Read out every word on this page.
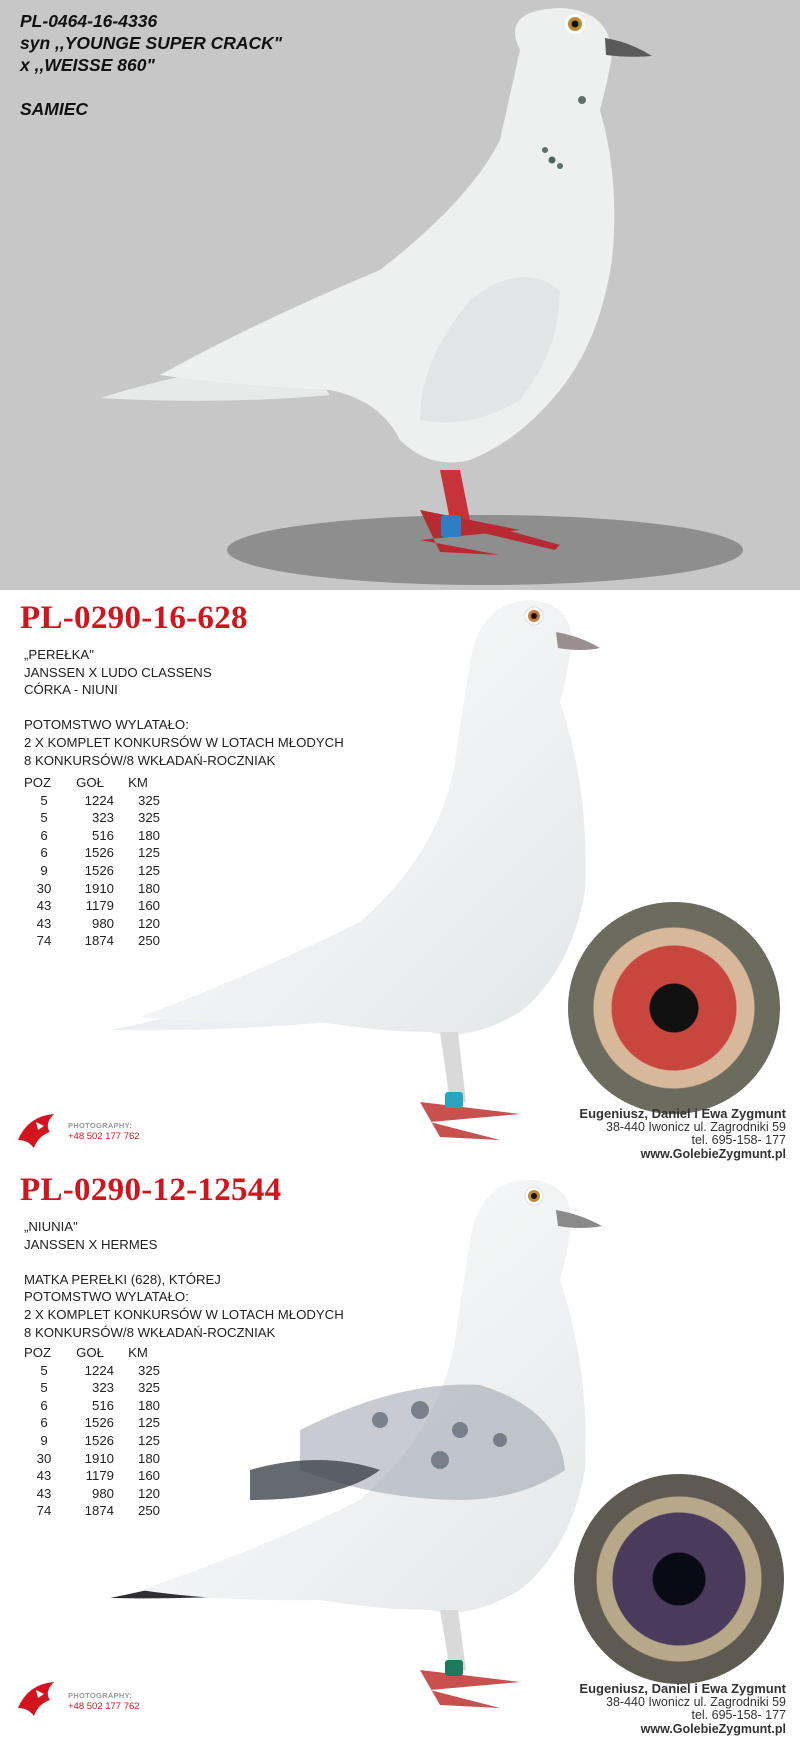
PL-0464-16-4336
syn ,,YOUNGE SUPER CRACK"
x ,,WEISSE 860"
SAMIEC
PL-0290-16-628
„PEREŁKA"
JANSSEN X LUDO CLASSENS
CÓRKA - NIUNI
POTOMSTWO WYLATAŁO:
2 X KOMPLET KONKURSÓW W LOTACH MŁODYCH
8 KONKURSÓW/8 WKŁADAŃ-ROCZNIAK
POZ	GOŁ	KM
5	1224	325
5	323	325
6	516	180
6	1526	125
9	1526	125
30	1910	180
43	1179	160
43	980	120
74	1874	250
PHOTOGRAPHY:
+48 502 177 762
Eugeniusz, Daniel i Ewa Zygmunt
38-440 Iwonicz ul. Zagrodniki 59
tel. 695-158- 177
www.GolebieZygmunt.pl
PL-0290-12-12544
„NIUNIA"
JANSSEN X HERMES
MATKA PEREŁKI (628), KTÓREJ
POTOMSTWO WYLATAŁO:
2 X KOMPLET KONKURSÓW W LOTACH MŁODYCH
8 KONKURSÓW/8 WKŁADAŃ-ROCZNIAK
POZ	GOŁ	KM
5	1224	325
5	323	325
6	516	180
6	1526	125
9	1526	125
30	1910	180
43	1179	160
43	980	120
74	1874	250
PHOTOGRAPHY:
+48 502 177 762
Eugeniusz, Daniel i Ewa Zygmunt
38-440 Iwonicz ul. Zagrodniki 59
tel. 695-158- 177
www.GolebieZygmunt.pl
